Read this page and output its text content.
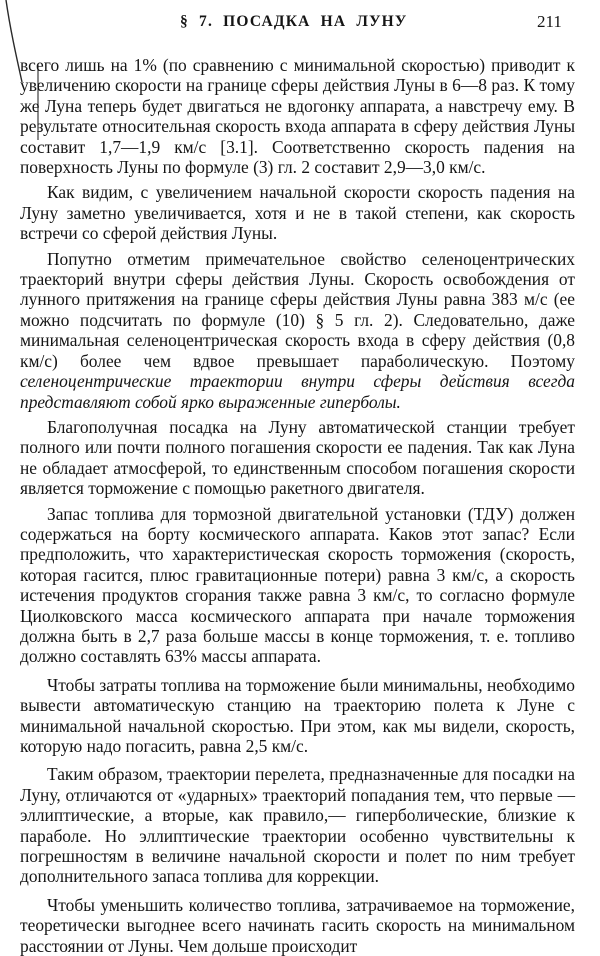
§ 7. ПОСАДКА НА ЛУНУ	211

всего лишь на 1% (по сравнению с минимальной скоростью) приводит к увеличению скорости на границе сферы действия Луны в 6—8 раз. К тому же Луна теперь будет двигаться не вдогонку аппарата, а навстречу ему. В результате относительная скорость входа аппарата в сферу действия Луны составит 1,7—1,9 км/с [3.1]. Соответственно скорость падения на поверхность Луны по формуле (3) гл. 2 составит 2,9—3,0 км/с.

Как видим, с увеличением начальной скорости скорость падения на Луну заметно увеличивается, хотя и не в такой степени, как скорость встречи со сферой действия Луны.

Попутно отметим примечательное свойство селеноцентрических траекторий внутри сферы действия Луны. Скорость освобождения от лунного притяжения на границе сферы действия Луны равна 383 м/с (ее можно подсчитать по формуле (10) § 5 гл. 2). Следовательно, даже минимальная селеноцентрическая скорость входа в сферу действия (0,8 км/с) более чем вдвое превышает параболическую. Поэтому селеноцентрические траектории внутри сферы действия всегда представляют собой ярко выраженные гиперболы.

Благополучная посадка на Луну автоматической станции требует полного или почти полного погашения скорости ее падения. Так как Луна не обладает атмосферой, то единственным способом погашения скорости является торможение с помощью ракетного двигателя.

Запас топлива для тормозной двигательной установки (ТДУ) должен содержаться на борту космического аппарата. Каков этот запас? Если предположить, что характеристическая скорость торможения (скорость, которая гасится, плюс гравитационные потери) равна 3 км/с, а скорость истечения продуктов сгорания также равна 3 км/с, то согласно формуле Циолковского масса космического аппарата при начале торможения должна быть в 2,7 раза больше массы в конце торможения, т. е. топливо должно составлять 63% массы аппарата.

Чтобы затраты топлива на торможение были минимальны, необходимо вывести автоматическую станцию на траекторию полета к Луне с минимальной начальной скоростью. При этом, как мы видели, скорость, которую надо погасить, равна 2,5 км/с.

Таким образом, траектории перелета, предназначенные для посадки на Луну, отличаются от «ударных» траекторий попадания тем, что первые — эллиптические, а вторые, как правило,— гиперболические, близкие к параболе. Но эллиптические траектории особенно чувствительны к погрешностям в величине начальной скорости и полет по ним требует дополнительного запаса топлива для коррекции.

Чтобы уменьшить количество топлива, затрачиваемое на торможение, теоретически выгоднее всего начинать гасить скорость на минимальном расстоянии от Луны. Чем дольше происходит
